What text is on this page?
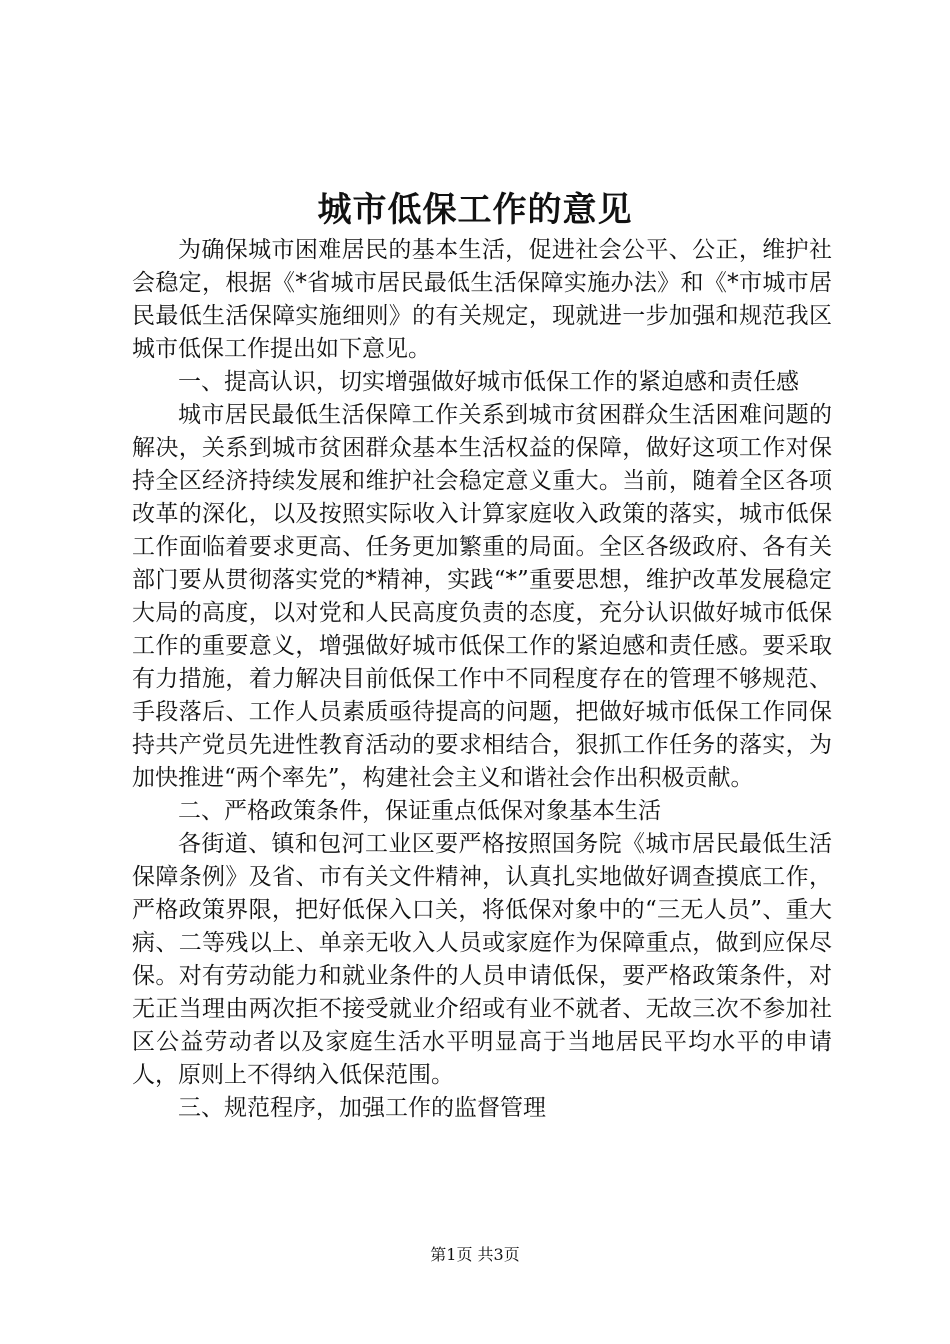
城市低保工作的意见

为确保城市困难居民的基本生活，促进社会公平、公正，维护社会稳定，根据《*省城市居民最低生活保障实施办法》和《*市城市居民最低生活保障实施细则》的有关规定，现就进一步加强和规范我区城市低保工作提出如下意见。

一、提高认识，切实增强做好城市低保工作的紧迫感和责任感

城市居民最低生活保障工作关系到城市贫困群众生活困难问题的解决，关系到城市贫困群众基本生活权益的保障，做好这项工作对保持全区经济持续发展和维护社会稳定意义重大。当前，随着全区各项改革的深化，以及按照实际收入计算家庭收入政策的落实，城市低保工作面临着要求更高、任务更加繁重的局面。全区各级政府、各有关部门要从贯彻落实党的*精神，实践“*”重要思想，维护改革发展稳定大局的高度，以对党和人民高度负责的态度，充分认识做好城市低保工作的重要意义，增强做好城市低保工作的紧迫感和责任感。要采取有力措施，着力解决目前低保工作中不同程度存在的管理不够规范、手段落后、工作人员素质亟待提高的问题，把做好城市低保工作同保持共产党员先进性教育活动的要求相结合，狠抓工作任务的落实，为加快推进“两个率先”，构建社会主义和谐社会作出积极贡献。

二、严格政策条件，保证重点低保对象基本生活

各街道、镇和包河工业区要严格按照国务院《城市居民最低生活保障条例》及省、市有关文件精神，认真扎实地做好调查摸底工作，严格政策界限，把好低保入口关，将低保对象中的“三无人员”、重大病、二等残以上、单亲无收入人员或家庭作为保障重点，做到应保尽保。对有劳动能力和就业条件的人员申请低保，要严格政策条件，对无正当理由两次拒不接受就业介绍或有业不就者、无故三次不参加社区公益劳动者以及家庭生活水平明显高于当地居民平均水平的申请人，原则上不得纳入低保范围。

三、规范程序，加强工作的监督管理

第1页 共3页
